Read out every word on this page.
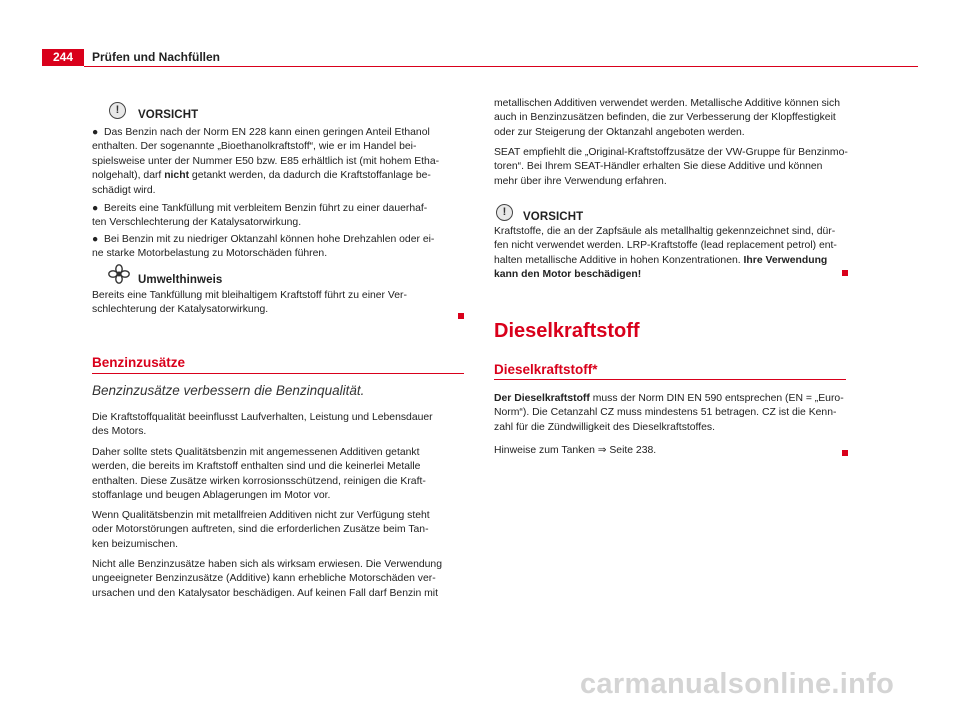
244	Prüfen und Nachfüllen
!
VORSICHT

● Das Benzin nach der Norm EN 228 kann einen geringen Anteil Ethanol

enthalten. Der sogenannte „Bioethanolkraftstoff“, wie er im Handel bei-

spielsweise unter der Nummer E50 bzw. E85 erhältlich ist (mit hohem Etha-

nolgehalt), darf nicht getankt werden, da dadurch die Kraftstoffanlage be-

schädigt wird.

● Bereits eine Tankfüllung mit verbleitem Benzin führt zu einer dauerhaf-

ten Verschlechterung der Katalysatorwirkung.

● Bei Benzin mit zu niedriger Oktanzahl können hohe Drehzahlen oder ei-

ne starke Motorbelastung zu Motorschäden führen.

Umwelthinweis

Bereits eine Tankfüllung mit bleihaltigem Kraftstoff führt zu einer Ver-

schlechterung der Katalysatorwirkung.

Benzinzusätze
Benzinzusätze verbessern die Benzinqualität.

Die Kraftstoffqualität beeinflusst Laufverhalten, Leistung und Lebensdauer

des Motors.

Daher sollte stets Qualitätsbenzin mit angemessenen Additiven getankt

werden, die bereits im Kraftstoff enthalten sind und die keinerlei Metalle

enthalten. Diese Zusätze wirken korrosionsschützend, reinigen die Kraft-

stoffanlage und beugen Ablagerungen im Motor vor.

Wenn Qualitätsbenzin mit metallfreien Additiven nicht zur Verfügung steht

oder Motorstörungen auftreten, sind die erforderlichen Zusätze beim Tan-

ken beizumischen.

Nicht alle Benzinzusätze haben sich als wirksam erwiesen. Die Verwendung

ungeeigneter Benzinzusätze (Additive) kann erhebliche Motorschäden ver-

ursachen und den Katalysator beschädigen. Auf keinen Fall darf Benzin mit

metallischen Additiven verwendet werden. Metallische Additive können sich

auch in Benzinzusätzen befinden, die zur Verbesserung der Klopffestigkeit

oder zur Steigerung der Oktanzahl angeboten werden.

SEAT empfiehlt die „Original-Kraftstoffzusätze der VW-Gruppe für Benzinmo-

toren“. Bei Ihrem SEAT-Händler erhalten Sie diese Additive und können

mehr über ihre Verwendung erfahren.

!
VORSICHT

Kraftstoffe, die an der Zapfsäule als metallhaltig gekennzeichnet sind, dür-

fen nicht verwendet werden. LRP-Kraftstoffe (lead replacement petrol) ent-

halten metallische Additive in hohen Konzentrationen. Ihre Verwendung

kann den Motor beschädigen!

Dieselkraftstoff
Dieselkraftstoff*

Der Dieselkraftstoff muss der Norm DIN EN 590 entsprechen (EN = „Euro-

Norm“). Die Cetanzahl CZ muss mindestens 51 betragen. CZ ist die Kenn-

zahl für die Zündwilligkeit des Dieselkraftstoffes.

Hinweise zum Tanken ⇒ Seite 238.

carmanualsonline.info
